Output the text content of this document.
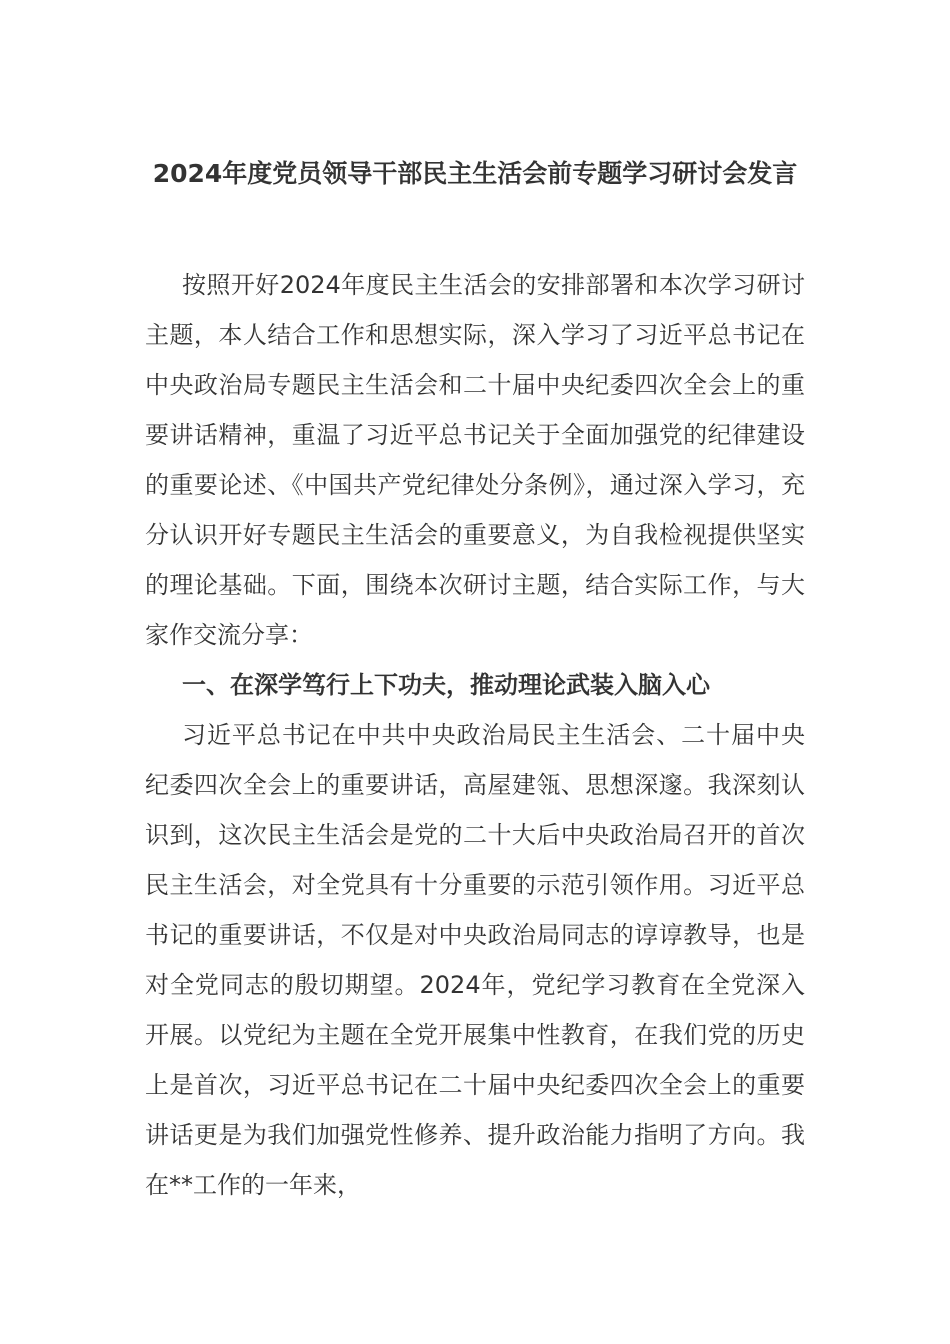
2024年度党员领导干部民主生活会前专题学习研讨会发言

按照开好2024年度民主生活会的安排部署和本次学习研讨主题，本人结合工作和思想实际，深入学习了习近平总书记在中央政治局专题民主生活会和二十届中央纪委四次全会上的重要讲话精神，重温了习近平总书记关于全面加强党的纪律建设的重要论述、《中国共产党纪律处分条例》，通过深入学习，充分认识开好专题民主生活会的重要意义，为自我检视提供坚实的理论基础。下面，围绕本次研讨主题，结合实际工作，与大家作交流分享：

一、在深学笃行上下功夫，推动理论武装入脑入心

习近平总书记在中共中央政治局民主生活会、二十届中央纪委四次全会上的重要讲话，高屋建瓴、思想深邃。我深刻认识到，这次民主生活会是党的二十大后中央政治局召开的首次民主生活会，对全党具有十分重要的示范引领作用。习近平总书记的重要讲话，不仅是对中央政治局同志的谆谆教导，也是对全党同志的殷切期望。2024年，党纪学习教育在全党深入开展。以党纪为主题在全党开展集中性教育，在我们党的历史上是首次，习近平总书记在二十届中央纪委四次全会上的重要讲话更是为我们加强党性修养、提升政治能力指明了方向。我在**工作的一年来，
